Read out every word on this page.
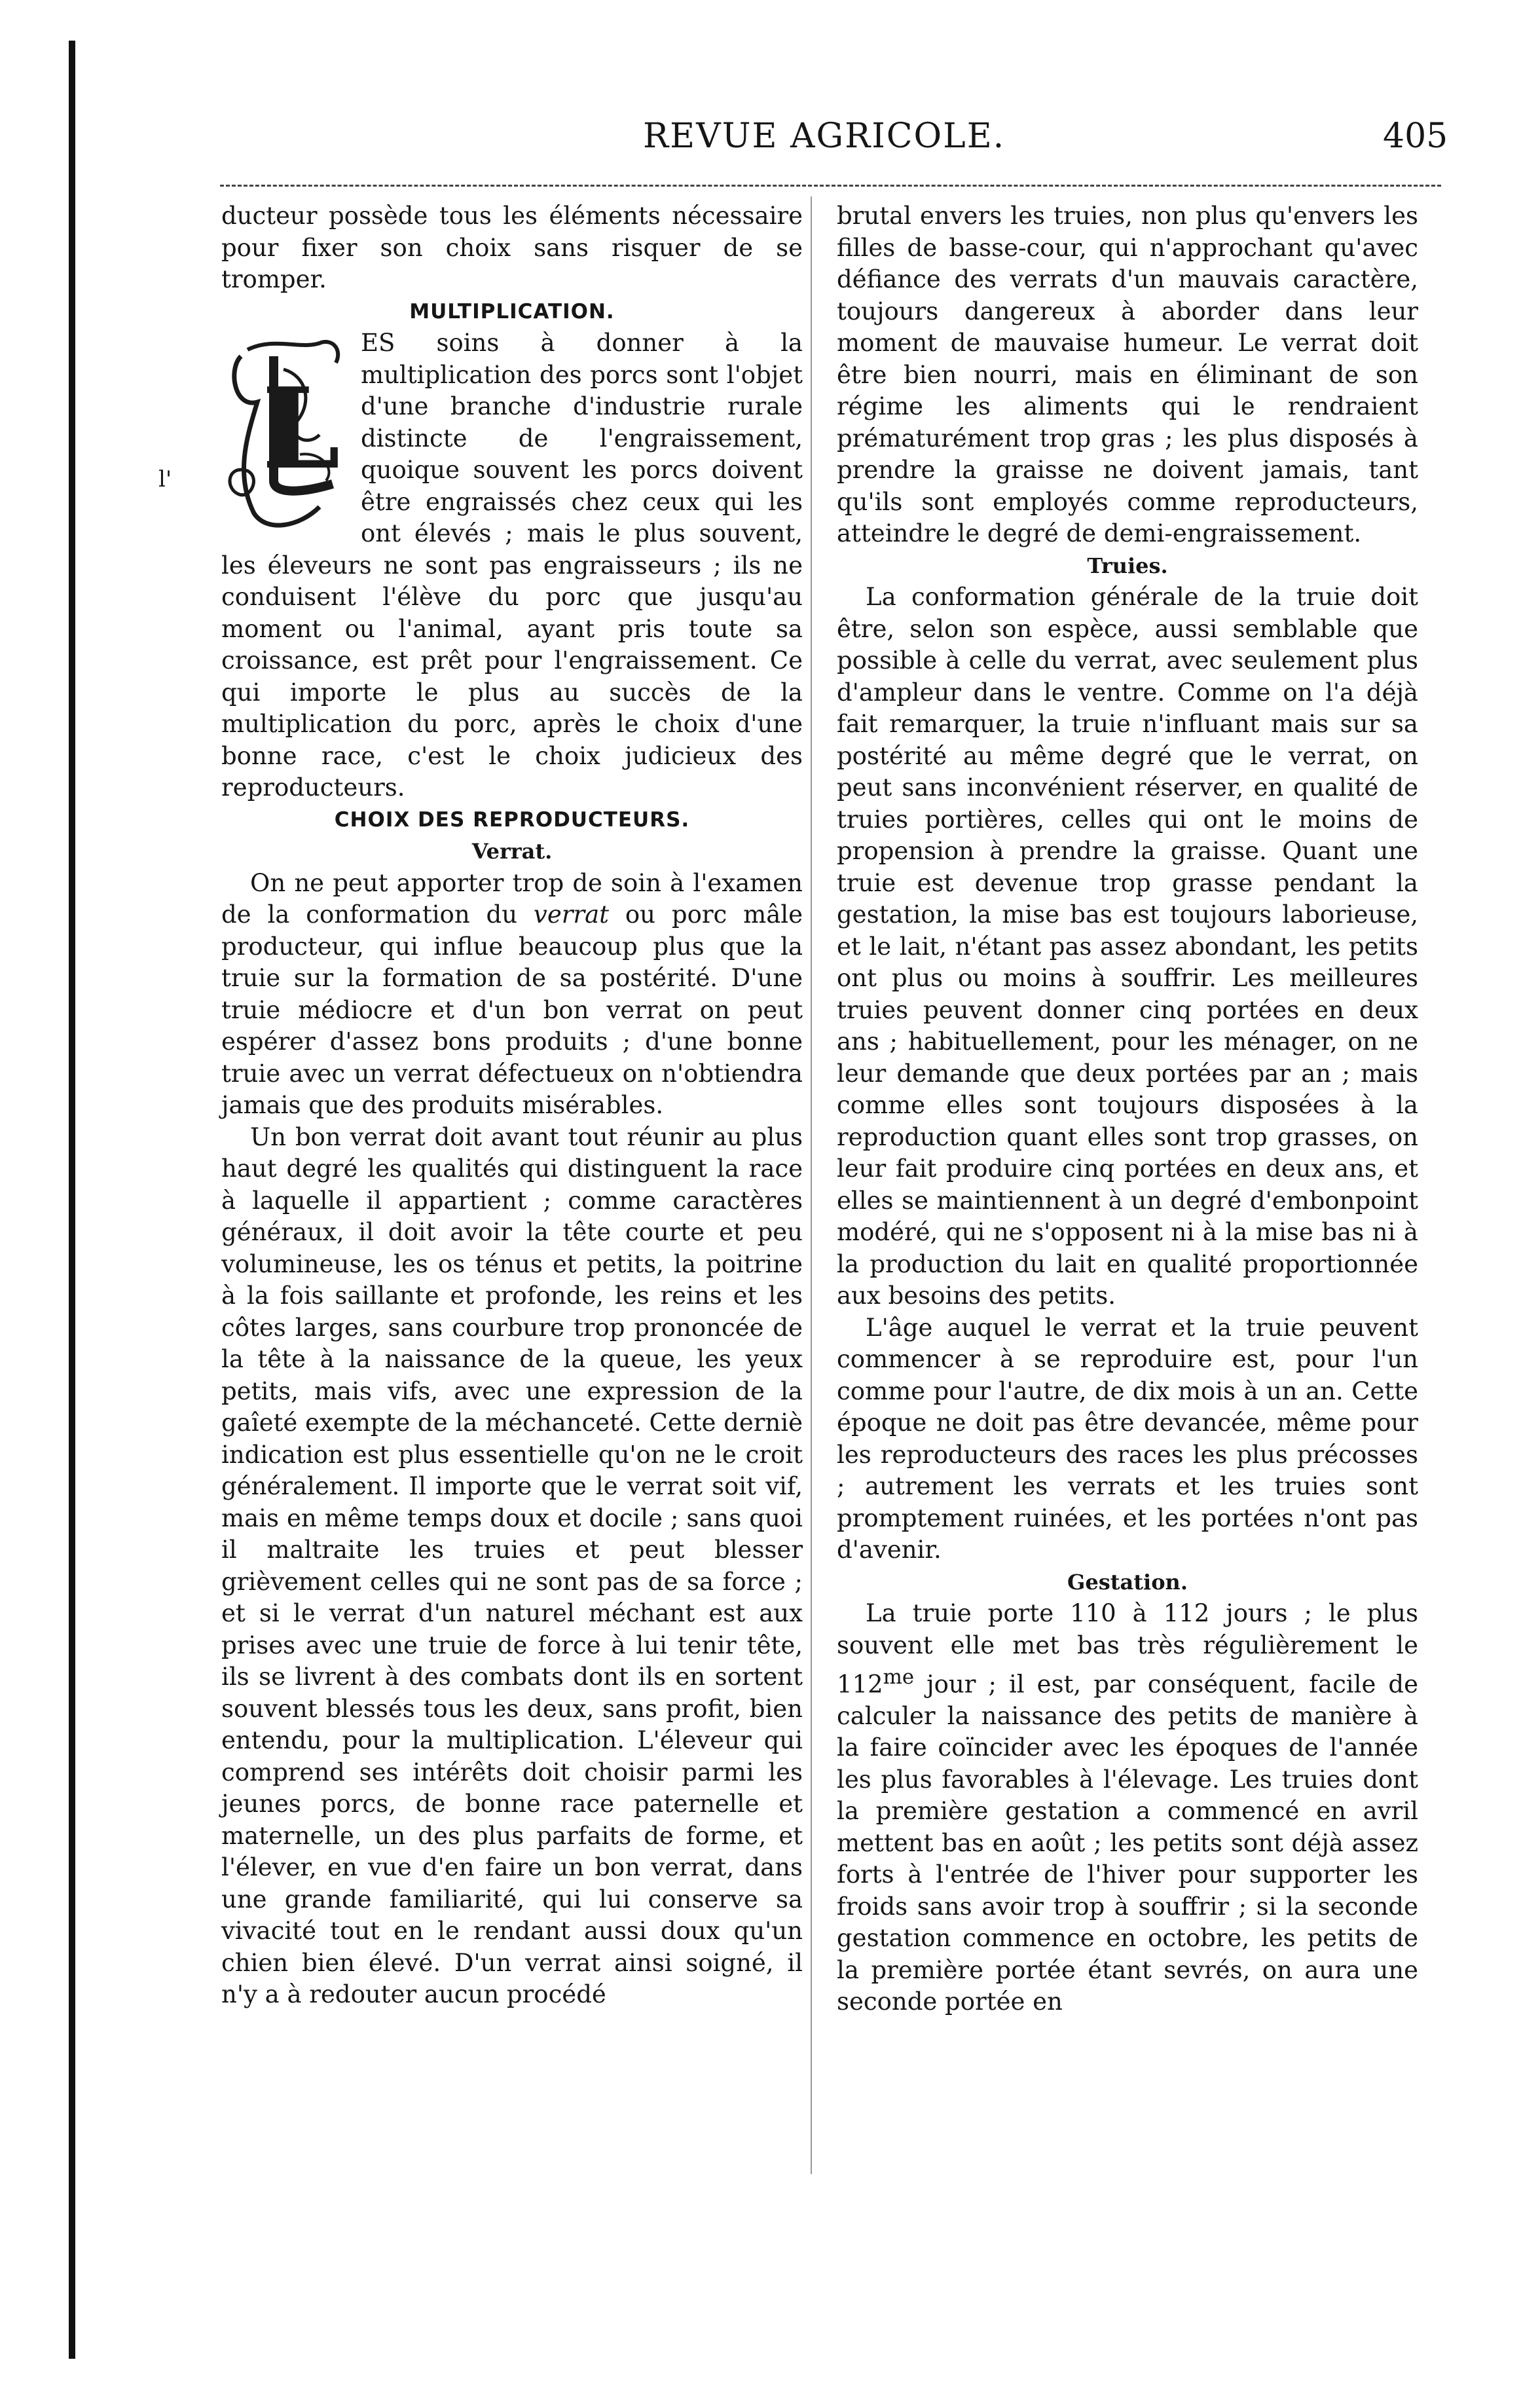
l'
REVUE AGRICOLE.	405

ducteur possède tous les éléments nécessaire pour fixer son choix sans risquer de se tromper.

MULTIPLICATION.

L
ES soins à donner à la multiplication des porcs sont l'objet d'une branche d'industrie rurale distincte de l'engraissement, quoique souvent les porcs doivent être engraissés chez ceux qui les ont élevés ; mais le plus souvent, les éleveurs ne sont pas engraisseurs ; ils ne conduisent l'élève du porc que jusqu'au moment ou l'animal, ayant pris toute sa croissance, est prêt pour l'engraissement. Ce qui importe le plus au succès de la multiplication du porc, après le choix d'une bonne race, c'est le choix judicieux des reproducteurs.

CHOIX DES REPRODUCTEURS.

Verrat.

On ne peut apporter trop de soin à l'examen de la conformation du verrat ou porc mâle producteur, qui influe beaucoup plus que la truie sur la formation de sa postérité. D'une truie médiocre et d'un bon verrat on peut espérer d'assez bons produits ; d'une bonne truie avec un verrat défectueux on n'obtiendra jamais que des produits misérables.

Un bon verrat doit avant tout réunir au plus haut degré les qualités qui distinguent la race à laquelle il appartient ; comme caractères généraux, il doit avoir la tête courte et peu volumineuse, les os ténus et petits, la poitrine à la fois saillante et profonde, les reins et les côtes larges, sans courbure trop prononcée de la tête à la naissance de la queue, les yeux petits, mais vifs, avec une expression de la gaîeté exempte de la méchanceté. Cette derniè indication est plus essentielle qu'on ne le croit généralement. Il importe que le verrat soit vif, mais en même temps doux et docile ; sans quoi il maltraite les truies et peut blesser grièvement celles qui ne sont pas de sa force ; et si le verrat d'un naturel méchant est aux prises avec une truie de force à lui tenir tête, ils se livrent à des combats dont ils en sortent souvent blessés tous les deux, sans profit, bien entendu, pour la multiplication. L'éleveur qui comprend ses intérêts doit choisir parmi les jeunes porcs, de bonne race paternelle et maternelle, un des plus parfaits de forme, et l'élever, en vue d'en faire un bon verrat, dans une grande familiarité, qui lui conserve sa vivacité tout en le rendant aussi doux qu'un chien bien élevé. D'un verrat ainsi soigné, il n'y a à redouter aucun procédé

brutal envers les truies, non plus qu'envers les filles de basse-cour, qui n'approchant qu'avec défiance des verrats d'un mauvais caractère, toujours dangereux à aborder dans leur moment de mauvaise humeur. Le verrat doit être bien nourri, mais en éliminant de son régime les aliments qui le rendraient prématurément trop gras ; les plus disposés à prendre la graisse ne doivent jamais, tant qu'ils sont employés comme reproducteurs, atteindre le degré de demi-engraissement.

Truies.

La conformation générale de la truie doit être, selon son espèce, aussi semblable que possible à celle du verrat, avec seulement plus d'ampleur dans le ventre. Comme on l'a déjà fait remarquer, la truie n'influant mais sur sa postérité au même degré que le verrat, on peut sans inconvénient réserver, en qualité de truies portières, celles qui ont le moins de propension à prendre la graisse. Quant une truie est devenue trop grasse pendant la gestation, la mise bas est toujours laborieuse, et le lait, n'étant pas assez abondant, les petits ont plus ou moins à souffrir. Les meilleures truies peuvent donner cinq portées en deux ans ; habituellement, pour les ménager, on ne leur demande que deux portées par an ; mais comme elles sont toujours disposées à la reproduction quant elles sont trop grasses, on leur fait produire cinq portées en deux ans, et elles se maintiennent à un degré d'embonpoint modéré, qui ne s'opposent ni à la mise bas ni à la production du lait en qualité proportionnée aux besoins des petits.

L'âge auquel le verrat et la truie peuvent commencer à se reproduire est, pour l'un comme pour l'autre, de dix mois à un an. Cette époque ne doit pas être devancée, même pour les reproducteurs des races les plus précosses ; autrement les verrats et les truies sont promptement ruinées, et les portées n'ont pas d'avenir.

Gestation.

La truie porte 110 à 112 jours ; le plus souvent elle met bas très régulièrement le $112^{me}$ jour ; il est, par conséquent, facile de calculer la naissance des petits de manière à la faire coïncider avec les époques de l'année les plus favorables à l'élevage. Les truies dont la première gestation a commencé en avril mettent bas en août ; les petits sont déjà assez forts à l'entrée de l'hiver pour supporter les froids sans avoir trop à souffrir ; si la seconde gestation commence en octobre, les petits de la première portée étant sevrés, on aura une seconde portée en
